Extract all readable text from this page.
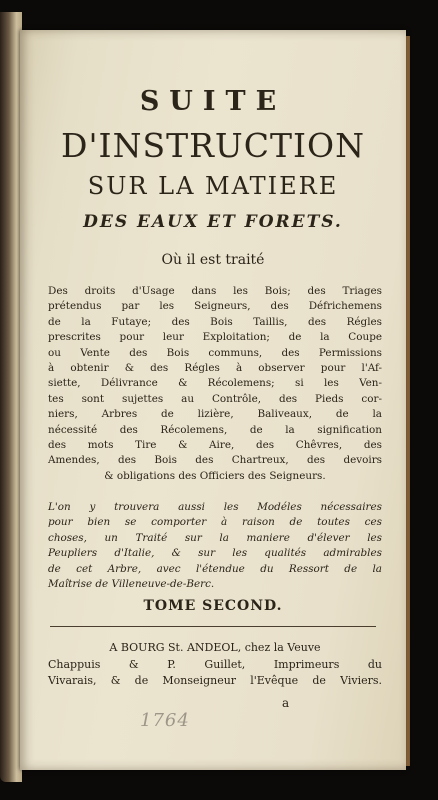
SUITE
D'INSTRUCTION
SUR LA MATIERE
DES EAUX ET FORETS.
Où il est traité
Des droits d'Usage dans les Bois; des Triages
prétendus par les Seigneurs, des Défrichemens
de la Futaye; des Bois Taillis, des Régles
prescrites pour leur Exploitation; de la Coupe
ou Vente des Bois communs, des Permissions
à obtenir & des Régles à observer pour l'Af-
siette, Délivrance & Récolemens; si les Ven-
tes sont sujettes au Contrôle, des Pieds cor-
niers, Arbres de lizière, Baliveaux, de la
nécessité des Récolemens, de la signification
des mots Tire & Aire, des Chêvres, des
Amendes, des Bois des Chartreux, des devoirs
& obligations des Officiers des Seigneurs.
L'on y trouvera aussi les Modéles nécessaires
pour bien se comporter à raison de toutes ces
choses, un Traité sur la maniere d'élever les
Peupliers d'Italie, & sur les qualités admirables
de cet Arbre, avec l'étendue du Ressort de la
Maîtrise de Villeneuve-de-Berc.
TOME SECOND.
A BOURG St. ANDEOL, chez la Veuve
Chappuis & P. Guillet, Imprimeurs du
Vivarais, & de Monseigneur l'Evêque de Viviers.
a
1764
